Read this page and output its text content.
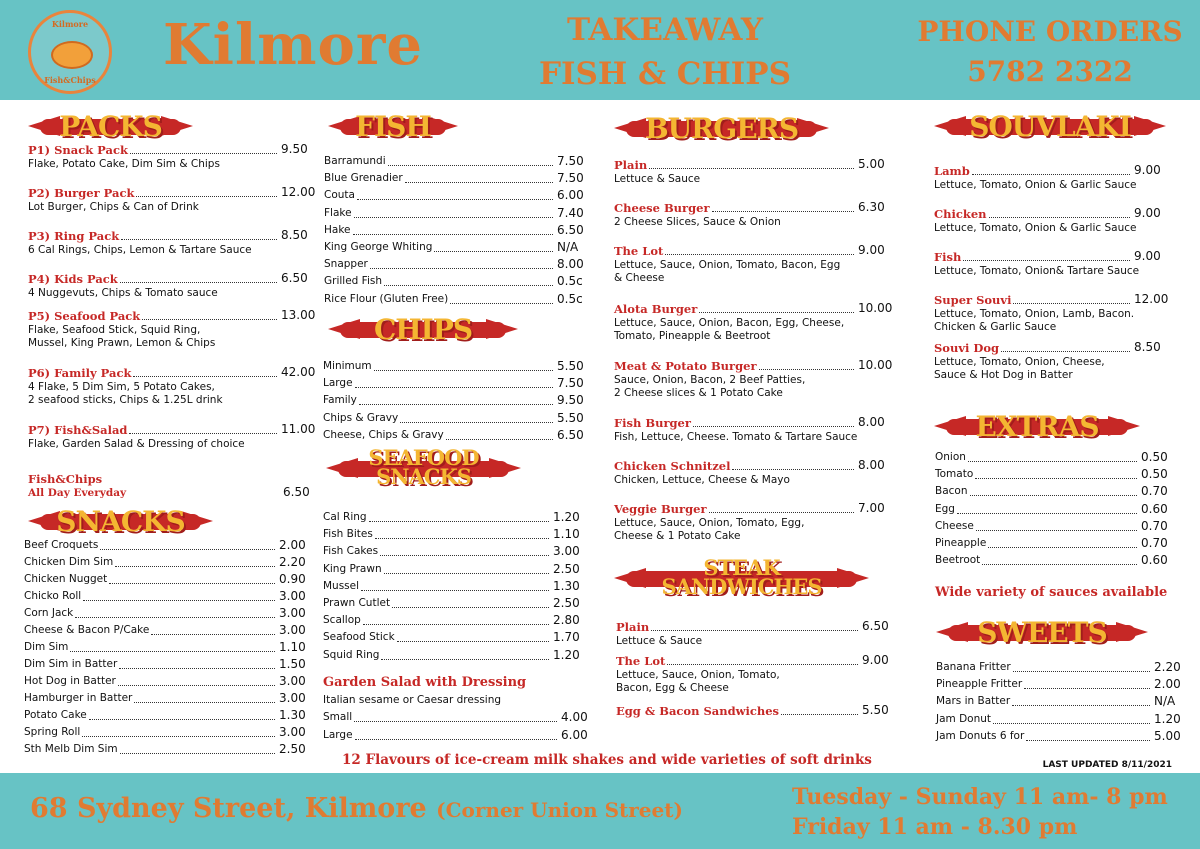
Kilmore
Fish&Chips
Kilmore	TAKEAWAY
FISH & CHIPS
PHONE ORDERS
5782 2322
PACKS
P1) Snack Pack	9.50
Flake, Potato Cake, Dim Sim & Chips
P2) Burger Pack	12.00
Lot Burger, Chips & Can of Drink
P3) Ring Pack	8.50
6 Cal Rings, Chips, Lemon & Tartare Sauce
P4) Kids Pack	6.50
4 Nuggevuts, Chips & Tomato sauce
P5) Seafood Pack	13.00
Flake, Seafood Stick, Squid Ring,
Mussel, King Prawn, Lemon & Chips
P6) Family Pack	42.00
4 Flake, 5 Dim Sim, 5 Potato Cakes,
2 seafood sticks, Chips & 1.25L drink
P7) Fish&Salad	11.00
Flake, Garden Salad & Dressing of choice
Fish&Chips
All Day Everyday	6.50
SNACKS
Beef Croquets	2.00
Chicken Dim Sim	2.20
Chicken Nugget	0.90
Chicko Roll	3.00
Corn Jack	3.00
Cheese & Bacon P/Cake	3.00
Dim Sim	1.10
Dim Sim in Batter	1.50
Hot Dog in Batter	3.00
Hamburger in Batter	3.00
Potato Cake	1.30
Spring Roll	3.00
Sth Melb Dim Sim	2.50
FISH
Barramundi	7.50
Blue Grenadier	7.50
Couta	6.00
Flake	7.40
Hake	6.50
King George Whiting	N/A
Snapper	8.00
Grilled Fish	0.5c
Rice Flour (Gluten Free)	0.5c
CHIPS
Minimum	5.50
Large	7.50
Family	9.50
Chips & Gravy	5.50
Cheese, Chips & Gravy	6.50
SEAFOOD
SNACKS
Cal Ring	1.20
Fish Bites	1.10
Fish Cakes	3.00
King Prawn	2.50
Mussel	1.30
Prawn Cutlet	2.50
Scallop	2.80
Seafood Stick	1.70
Squid Ring	1.20
Garden Salad with Dressing
Italian sesame or Caesar dressing
Small	4.00
Large	6.00
BURGERS
Plain	5.00
Lettuce & Sauce
Cheese Burger	6.30
2 Cheese Slices, Sauce & Onion
The Lot	9.00
Lettuce, Sauce, Onion, Tomato, Bacon, Egg
& Cheese
Alota Burger	10.00
Lettuce, Sauce, Onion, Bacon, Egg, Cheese,
Tomato, Pineapple & Beetroot
Meat & Potato Burger	10.00
Sauce, Onion, Bacon, 2 Beef Patties,
2 Cheese slices & 1 Potato Cake
Fish Burger	8.00
Fish, Lettuce, Cheese. Tomato & Tartare Sauce
Chicken Schnitzel	8.00
Chicken, Lettuce, Cheese & Mayo
Veggie Burger	7.00
Lettuce, Sauce, Onion, Tomato, Egg,
Cheese & 1 Potato Cake
STEAK
SANDWICHES
Plain	6.50
Lettuce & Sauce
The Lot	9.00
Lettuce, Sauce, Onion, Tomato,
Bacon, Egg & Cheese
Egg & Bacon Sandwiches	5.50
SOUVLAKI
Lamb	9.00
Lettuce, Tomato, Onion & Garlic Sauce
Chicken	9.00
Lettuce, Tomato, Onion & Garlic Sauce
Fish	9.00
Lettuce, Tomato, Onion& Tartare Sauce
Super Souvi	12.00
Lettuce, Tomato, Onion, Lamb, Bacon.
Chicken & Garlic Sauce
Souvi Dog	8.50
Lettuce, Tomato, Onion, Cheese,
Sauce & Hot Dog in Batter
EXTRAS
Onion	0.50
Tomato	0.50
Bacon	0.70
Egg	0.60
Cheese	0.70
Pineapple	0.70
Beetroot	0.60
Wide variety of sauces available
SWEETS
Banana Fritter	2.20
Pineapple Fritter	2.00
Mars in Batter	N/A
Jam Donut	1.20
Jam Donuts 6 for	5.00
12 Flavours of ice-cream milk shakes and wide varieties of soft drinks	LAST UPDATED 8/11/2021
68 Sydney Street, Kilmore (Corner Union Street)	Tuesday - Sunday 11 am- 8 pm
Friday 11 am - 8.30 pm
